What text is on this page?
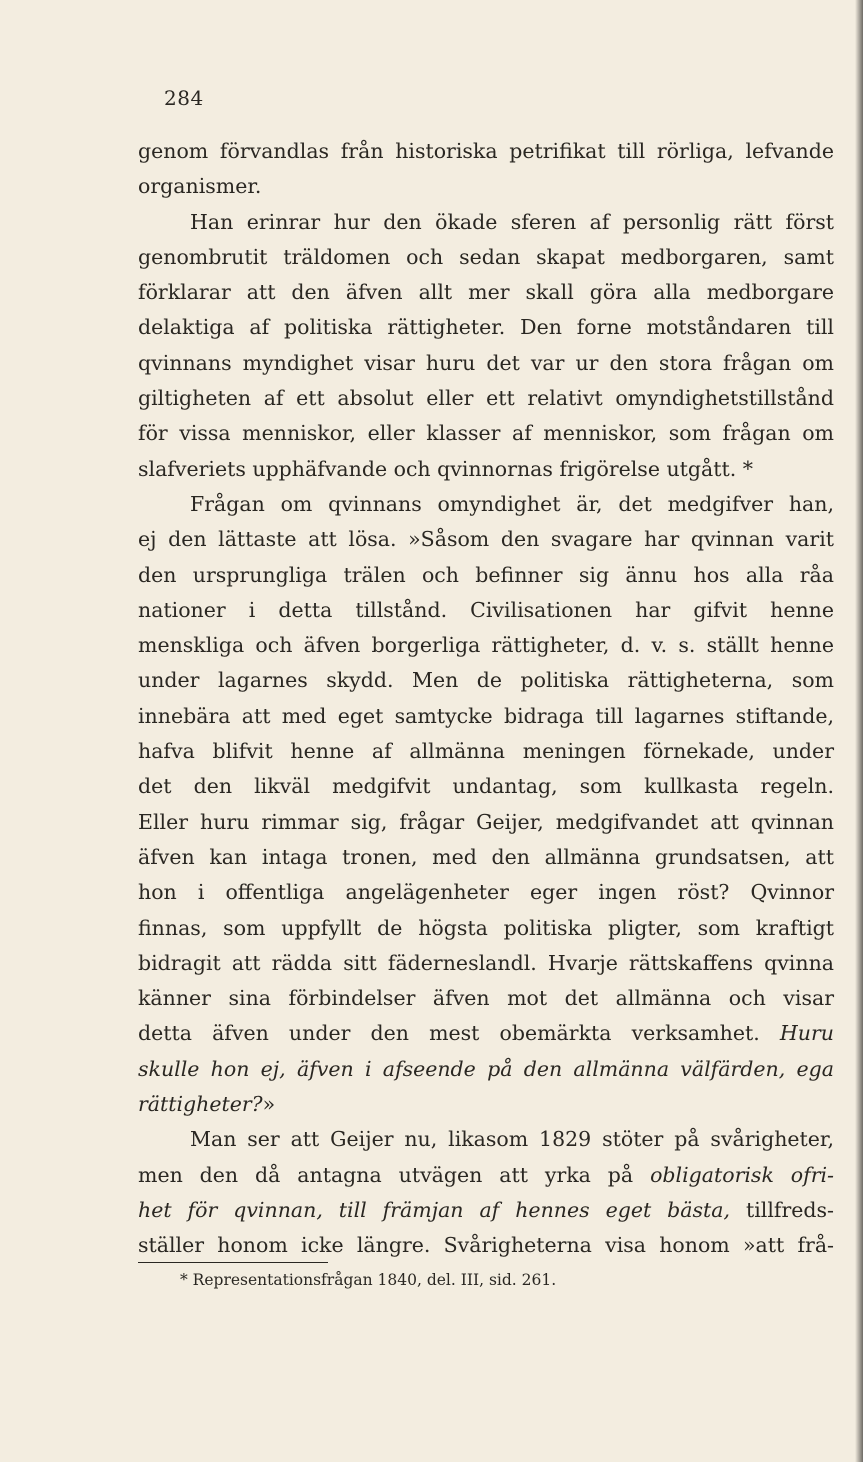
284
genom förvandlas från historiska petrifikat till rörliga, lefvande
organismer.
Han erinrar hur den ökade sferen af personlig rätt först
genombrutit träldomen och sedan skapat medborgaren, samt
förklarar att den äfven allt mer skall göra alla medborgare
delaktiga af politiska rättigheter. Den forne motståndaren till
qvinnans myndighet visar huru det var ur den stora frågan om
giltigheten af ett absolut eller ett relativt omyndighetstillstånd
för vissa menniskor, eller klasser af menniskor, som frågan om
slafveriets upphäfvande och qvinnornas frigörelse utgått. *
Frågan om qvinnans omyndighet är, det medgifver han,
ej den lättaste att lösa. »Såsom den svagare har qvinnan varit
den ursprungliga trälen och befinner sig ännu hos alla råa
nationer i detta tillstånd. Civilisationen har gifvit henne
menskliga och äfven borgerliga rättigheter, d. v. s. ställt henne
under lagarnes skydd. Men de politiska rättigheterna, som
innebära att med eget samtycke bidraga till lagarnes stiftande,
hafva blifvit henne af allmänna meningen förnekade, under
det den likväl medgifvit undantag, som kullkasta regeln.
Eller huru rimmar sig, frågar Geijer, medgifvandet att qvinnan
äfven kan intaga tronen, med den allmänna grundsatsen, att
hon i offentliga angelägenheter eger ingen röst? Qvinnor
finnas, som uppfyllt de högsta politiska pligter, som kraftigt
bidragit att rädda sitt fäderneslandl. Hvarje rättskaffens qvinna
känner sina förbindelser äfven mot det allmänna och visar
detta äfven under den mest obemärkta verksamhet. Huru
skulle hon ej, äfven i afseende på den allmänna välfärden, ega
rättigheter?»
Man ser att Geijer nu, likasom 1829 stöter på svårigheter,
men den då antagna utvägen att yrka på obligatorisk ofri-
het för qvinnan, till främjan af hennes eget bästa, tillfreds-
ställer honom icke längre. Svårigheterna visa honom »att frå-
* Representationsfrågan 1840, del. III, sid. 261.
